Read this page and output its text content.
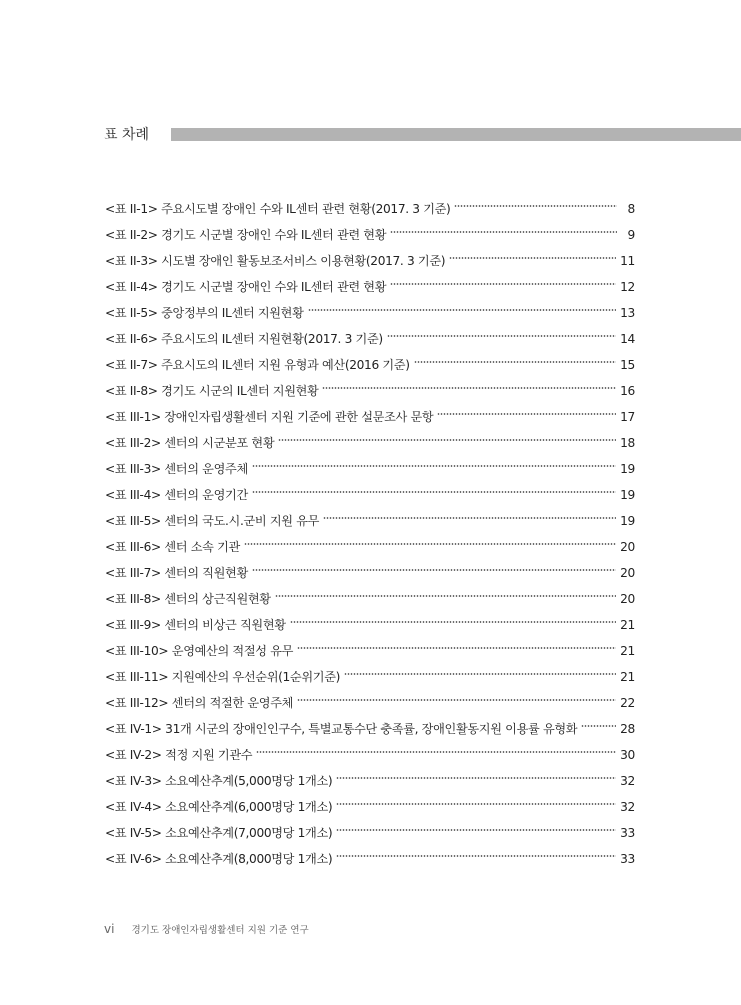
표 차례
<표 II-1> 주요시도별 장애인 수와 IL센터 관련 현황(2017. 3 기준)	8
<표 II-2> 경기도 시군별 장애인 수와 IL센터 관련 현황	9
<표 II-3> 시도별 장애인 활동보조서비스 이용현황(2017. 3 기준)	11
<표 II-4> 경기도 시군별 장애인 수와 IL센터 관련 현황	12
<표 II-5> 중앙정부의 IL센터 지원현황	13
<표 II-6> 주요시도의 IL센터 지원현황(2017. 3 기준)	14
<표 II-7> 주요시도의 IL센터 지원 유형과 예산(2016 기준)	15
<표 II-8> 경기도 시군의 IL센터 지원현황	16
<표 III-1> 장애인자립생활센터 지원 기준에 관한 설문조사 문항	17
<표 III-2> 센터의 시군분포 현황	18
<표 III-3> 센터의 운영주체	19
<표 III-4> 센터의 운영기간	19
<표 III-5> 센터의 국도.시.군비 지원 유무	19
<표 III-6> 센터 소속 기관	20
<표 III-7> 센터의 직원현황	20
<표 III-8> 센터의 상근직원현황	20
<표 III-9> 센터의 비상근 직원현황	21
<표 III-10> 운영예산의 적절성 유무	21
<표 III-11> 지원예산의 우선순위(1순위기준)	21
<표 III-12> 센터의 적절한 운영주체	22
<표 IV-1> 31개 시군의 장애인인구수, 특별교통수단 충족률, 장애인활동지원 이용률 유형화	28
<표 IV-2> 적정 지원 기관수	30
<표 IV-3> 소요예산추계(5,000명당 1개소)	32
<표 IV-4> 소요예산추계(6,000명당 1개소)	32
<표 IV-5> 소요예산추계(7,000명당 1개소)	33
<표 IV-6> 소요예산추계(8,000명당 1개소)	33
vi 경기도 장애인자립생활센터 지원 기준 연구
